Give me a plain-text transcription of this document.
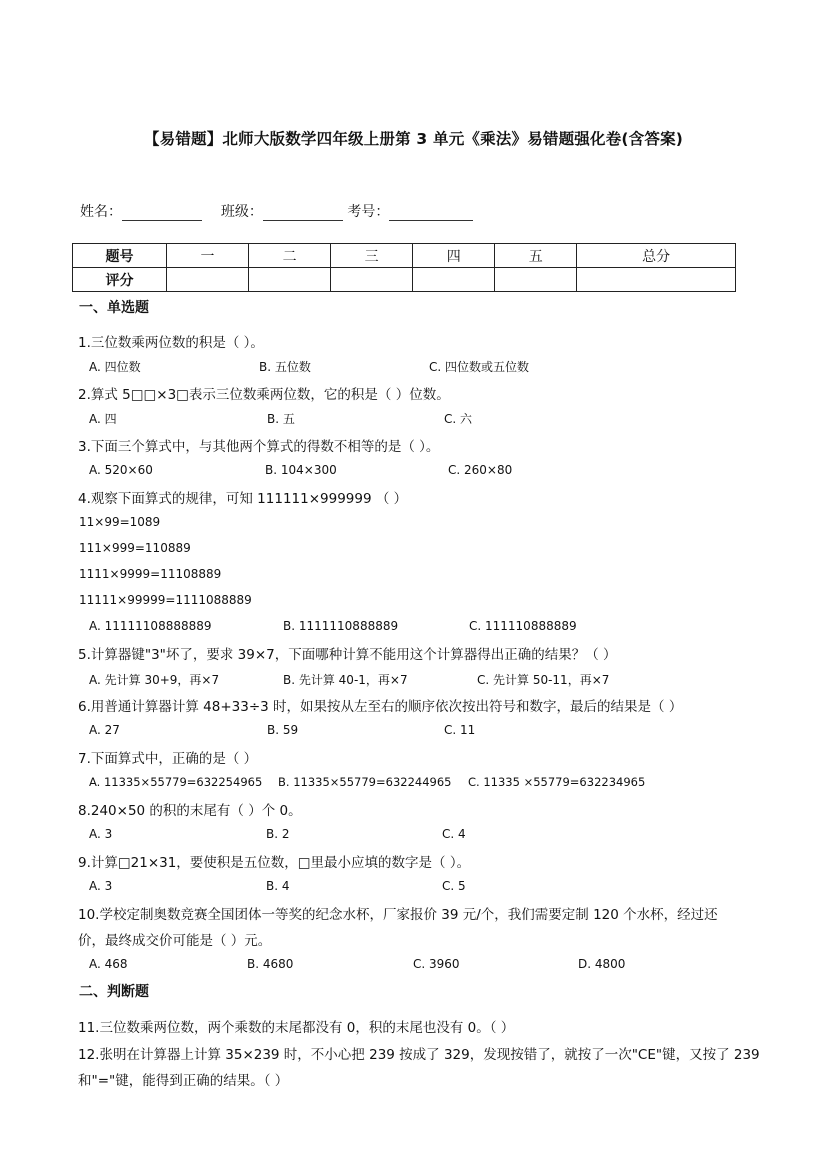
【易错题】北师大版数学四年级上册第 3 单元《乘法》易错题强化卷(含答案)
姓名：	班级：	考号：
题号	一	二	三	四	五	总分
评分						
一、单选题
1.三位数乘两位数的积是（ ）。
A. 四位数	B. 五位数	C. 四位数或五位数
2.算式 5□□×3□表示三位数乘两位数，它的积是（ ）位数。
A. 四	B. 五	C. 六
3.下面三个算式中，与其他两个算式的得数不相等的是（ ）。
A. 520×60	B. 104×300	C. 260×80
4.观察下面算式的规律，可知 111111×999999 （ ）
11×99=1089
111×999=110889
1111×9999=11108889
11111×99999=1111088889
A. 11111108888889	B. 1111110888889	C. 111110888889
5.计算器键"3"坏了，要求 39×7，下面哪种计算不能用这个计算器得出正确的结果？（ ）
A. 先计算 30+9，再×7	B. 先计算 40-1，再×7	C. 先计算 50-11，再×7
6.用普通计算器计算 48+33÷3 时，如果按从左至右的顺序依次按出符号和数字，最后的结果是（ ）
A. 27	B. 59	C. 11
7.下面算式中，正确的是（ ）
A. 11335×55779=632254965 B. 11335×55779=632244965 C. 11335 ×55779=632234965
8.240×50 的积的末尾有（ ）个 0。
A. 3	B. 2	C. 4
9.计算□21×31，要使积是五位数，□里最小应填的数字是（ ）。
A. 3	B. 4	C. 5
10.学校定制奥数竞赛全国团体一等奖的纪念水杯，厂家报价 39 元/个，我们需要定制 120 个水杯，经过还
价，最终成交价可能是（ ）元。
A. 468	B. 4680	C. 3960	D. 4800
二、判断题
11.三位数乘两位数，两个乘数的末尾都没有 0，积的末尾也没有 0。（ ）
12.张明在计算器上计算 35×239 时，不小心把 239 按成了 329，发现按错了，就按了一次"CE"键，又按了 239
和"="键，能得到正确的结果。（ ）
